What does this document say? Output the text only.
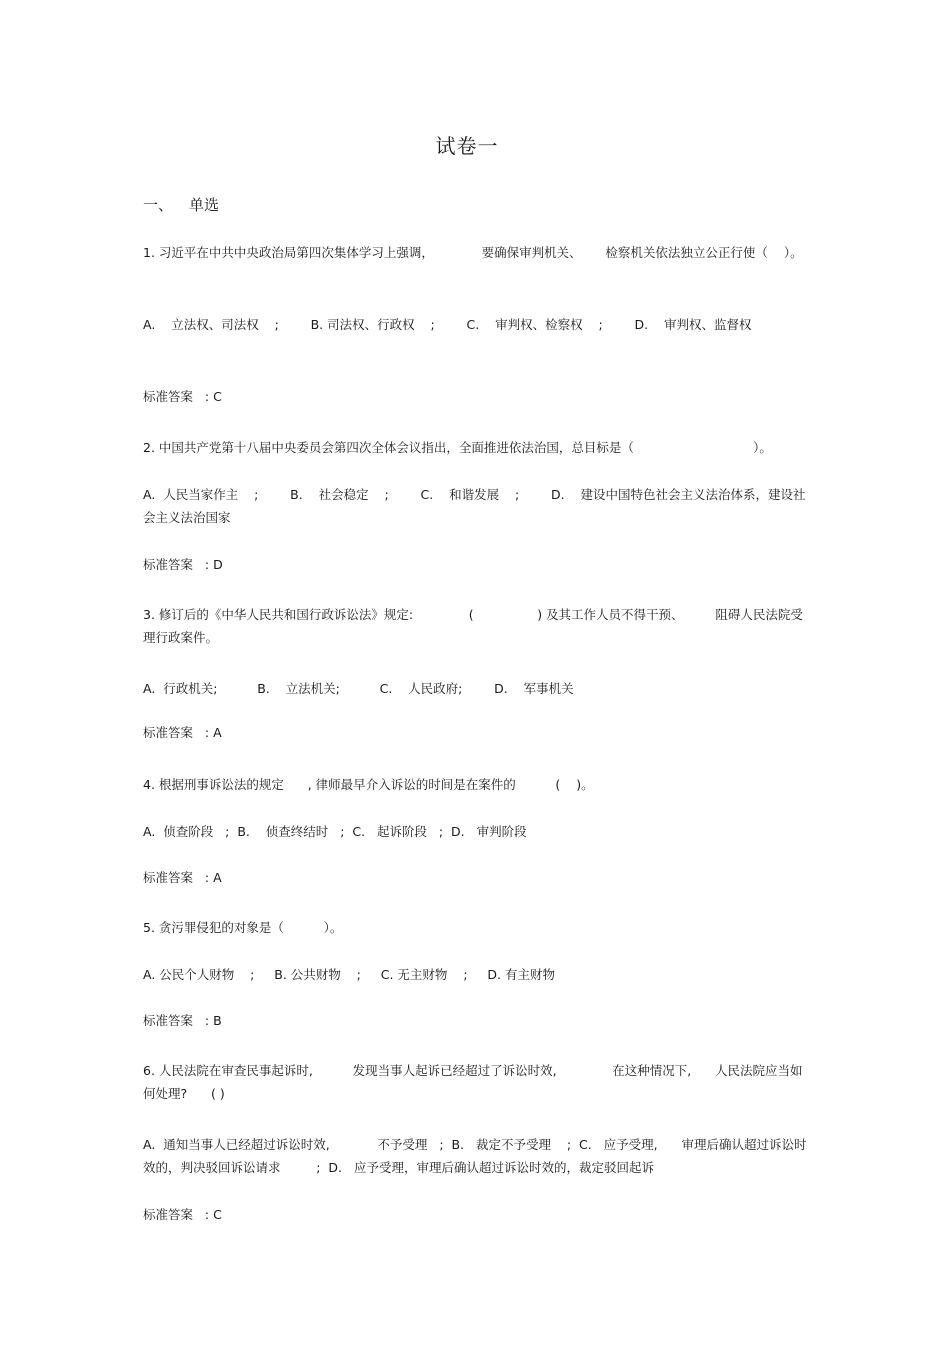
试卷一
一、 单选
1. 习近平在中共中央政治局第四次集体学习上强调，            要确保审判机关、      检察机关依法独立公正行使（    ）。
A.    立法权、司法权    ;        B. 司法权、行政权    ;        C.    审判权、检察权    ;        D.    审判权、监督权
标准答案   : C
2. 中国共产党第十八届中央委员会第四次全体会议指出，全面推进依法治国，总目标是（                              ）。
A.  人民当家作主    ;        B.    社会稳定    ;        C.    和谐发展    ;        D.    建设中国特色社会主义法治体系，建设社会主义法治国家
标准答案   : D
3. 修订后的《中华人民共和国行政诉讼法》规定:              (                ) 及其工作人员不得干预、        阻碍人民法院受理行政案件。
A.  行政机关;          B.    立法机关;          C.    人民政府;        D.    军事机关
标准答案   : A
4. 根据刑事诉讼法的规定      , 律师最早介入诉讼的时间是在案件的          (    )。
A.  侦查阶段   ;  B.    侦查终结时   ;  C.   起诉阶段   ;  D.   审判阶段
标准答案   : A
5. 贪污罪侵犯的对象是（          ）。
A. 公民个人财物    ;     B. 公共财物    ;     C. 无主财物    ;     D. 有主财物
标准答案   : B
6. 人民法院在审查民事起诉时,          发现当事人起诉已经超过了诉讼时效,              在这种情况下,      人民法院应当如何处理?      ( )
A.  通知当事人已经超过诉讼时效,            不予受理   ;  B.   裁定不予受理    ;  C.   应予受理,      审理后确认超过诉讼时效的，判决驳回诉讼请求         ;  D.   应予受理，审理后确认超过诉讼时效的，裁定驳回起诉
标准答案   : C
